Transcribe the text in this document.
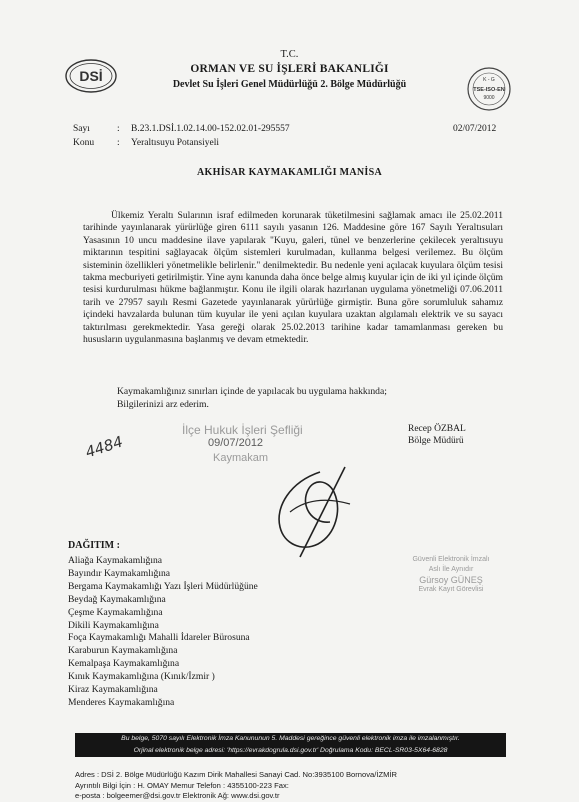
T.C.
ORMAN VE SU İŞLERİ BAKANLIĞI
Devlet Su İşleri Genel Müdürlüğü 2. Bölge Müdürlüğü
DSİ	K - G
TSE-ISO-EN
9000
Sayı	: B.23.1.DSİ.1.02.14.00-152.02.01-295557
Konu : Yeraltısuyu Potansiyeli
02/07/2012
AKHİSAR KAYMAKAMLIĞI MANİSA

Ülkemiz Yeraltı Sularının israf edilmeden korunarak tüketilmesini sağlamak amacı ile 25.02.2011 tarihinde yayınlanarak yürürlüğe giren 6111 sayılı yasanın 126. Maddesine göre 167 Sayılı Yeraltısuları Yasasının 10 uncu maddesine ilave yapılarak "Kuyu, galeri, tünel ve benzerlerine çekilecek yeraltısuyu miktarının tespitini sağlayacak ölçüm sistemleri kurulmadan, kullanma belgesi verilemez. Bu ölçüm sisteminin özellikleri yönetmelikle belirlenir." denilmektedir. Bu nedenle yeni açılacak kuyulara ölçüm tesisi takma mecburiyeti getirilmiştir. Yine aynı kanunda daha önce belge almış kuyular için de iki yıl içinde ölçüm tesisi kurdurulması hükme bağlanmıştır. Konu ile ilgili olarak hazırlanan uygulama yönetmeliği 07.06.2011 tarih ve 27957 sayılı Resmi Gazetede yayınlanarak yürürlüğe girmiştir. Buna göre sorumluluk sahamız içindeki havzalarda bulunan tüm kuyular ile yeni açılan kuyulara uzaktan algılamalı elektrik ve su sayacı taktırılması gerekmektedir. Yasa gereği olarak 25.02.2013 tarihine kadar tamamlanması gereken bu hususların uygulanmasına başlanmış ve devam etmektedir.

Kaymakamlığınız sınırları içinde de yapılacak bu uygulama hakkında;
Bilgilerinizi arz ederim.
4484
İlçe Hukuk İşleri Şefliği
09/07/2012
Kaymakam
Recep ÖZBAL
Bölge Müdürü
DAĞITIM :
Aliağa Kaymakamlığına
Bayındır Kaymakamlığına
Bergama Kaymakamlığı Yazı İşleri Müdürlüğüne
Beydağ Kaymakamlığına
Çeşme Kaymakamlığına
Dikili Kaymakamlığına
Foça Kaymakamlığı Mahalli İdareler Bürosuna
Karaburun Kaymakamlığına
Kemalpaşa Kaymakamlığına
Kınık Kaymakamlığına (Kınık/İzmir )
Kiraz Kaymakamlığına
Menderes Kaymakamlığına
Güvenli Elektronik İmzalı
Aslı İle Aynıdır
Gürsoy GÜNEŞ
Evrak Kayıt Görevlisi
Bu belge, 5070 sayılı Elektronik İmza Kanununun 5. Maddesi gereğince güvenli elektronik imza ile imzalanmıştır.
Orjinal elektronik belge adresi: 'https://evrakdogrula.dsi.gov.tr' Doğrulama Kodu: BECL-SR03-5X64-6828
Adres : DSİ 2. Bölge Müdürlüğü Kazım Dirik Mahallesi Sanayi Cad. No:3935100 Bornova/İZMİR
Ayrıntılı Bilgi İçin : H. OMAY Memur Telefon : 4355100-223 Fax:
e-posta : bolgeemer@dsi.gov.tr Elektronik Ağ: www.dsi.gov.tr
